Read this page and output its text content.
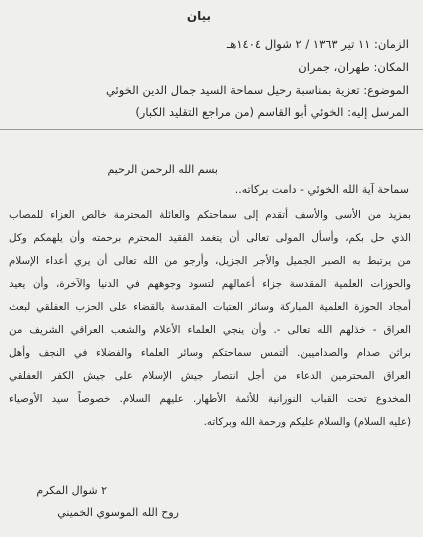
بيان
الزمان: ١١ تير ١٣٦٣ / ٢ شوال ١٤٠٤هـ
المكان: طهران، جمران
الموضوع: تعزية بمناسبة رحيل سماحة السيد جمال الدين الخوئي
المرسل إليه: الخوئي أبو القاسم (من مراجع التقليد الكبار)
بسم الله الرحمن الرحيم
سماحة آية الله الخوئي - دامت بركاته..
بمزيد من الأسى والأسف أتقدم إلى سماحتكم والعائلة المحترمة خالص العزاء للمصاب
الذي حل بكم، وأسأل المولى تعالى أن يتغمد الفقيد المحترم برحمته وأن يلهمكم وكل
من يرتبط به الصبر الجميل والأجر الجزيل، وأرجو من الله تعالى أن يري أعداء الإسلام
والحوزات العلمية المقدسة جزاء أعمالهم لتسود وجوههم في الدنيا والآخرة، وأن يعيد
أمجاد الحوزة العلمية المباركة وسائر العتبات المقدسة بالقضاء على الحزب العفلقي لبعث
العراق - خذلهم الله تعالى -. وأن ينجي العلماء الأعلام والشعب العراقي الشريف من
براثن صدام والصداميين. ألتمس سماحتكم وسائر العلماء والفضلاء في النجف وأهل
العراق المحترمين الدعاء من أجل انتصار جيش الإسلام على جيش الكفر العفلقي
المخدوع تحت القباب النورانية للأئمة الأطهار. عليهم السلام. خصوصاً سيد الأوصياء
(عليه السلام) والسلام عليكم ورحمة الله وبركاته.
٢ شوال المكرم
روح الله الموسوي الخميني
